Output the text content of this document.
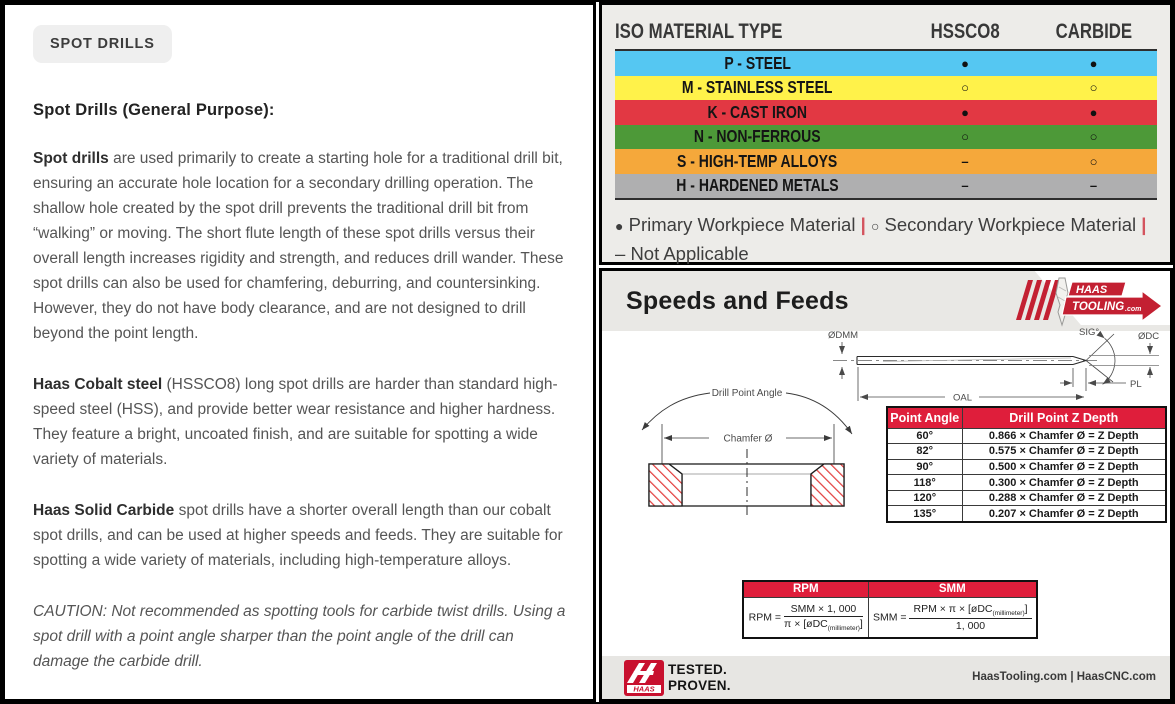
SPOT DRILLS
Spot Drills (General Purpose):
Spot drills are used primarily to create a starting hole for a traditional drill bit, ensuring an accurate hole location for a secondary drilling operation. The shallow hole created by the spot drill prevents the traditional drill bit from “walking” or moving. The short flute length of these spot drills versus their overall length increases rigidity and strength, and reduces drill wander. These spot drills can also be used for chamfering, deburring, and countersinking. However, they do not have body clearance, and are not designed to drill beyond the point length.
Haas Cobalt steel (HSSCO8) long spot drills are harder than standard high-speed steel (HSS), and provide better wear resistance and higher hardness. They feature a bright, uncoated finish, and are suitable for spotting a wide variety of materials.
Haas Solid Carbide spot drills have a shorter overall length than our cobalt spot drills, and can be used at higher speeds and feeds. They are suitable for spotting a wide variety of materials, including high-temperature alloys.
CAUTION: Not recommended as spotting tools for carbide twist drills. Using a spot drill with a point angle sharper than the point angle of the drill can damage the carbide drill.
ISO MATERIAL TYPE	HSSCO8	CARBIDE
P - STEEL	●	●
M - STAINLESS STEEL	○	○
K - CAST IRON	●	●
N - NON-FERROUS	○	○
S - HIGH-TEMP ALLOYS	–	○
H - HARDENED METALS	–	–
● Primary Workpiece Material | ○ Secondary Workpiece Material | – Not Applicable
Speeds and Feeds	HAAS
TOOLING .com
ØDMM	SIG°	ØDC
PL
OAL
Drill Point Angle
Chamfer Ø
Point Angle	Drill Point Z Depth
60°	0.866 × Chamfer Ø = Z Depth
82°	0.575 × Chamfer Ø = Z Depth
90°	0.500 × Chamfer Ø = Z Depth
118°	0.300 × Chamfer Ø = Z Depth
120°	0.288 × Chamfer Ø = Z Depth
135°	0.207 × Chamfer Ø = Z Depth
RPM	SMM
RPM = $\frac{\text{SMM × 1, 000}}{\pi \times [øDC_{(millimeter)}]}$	SMM = $\frac{RPM \times \pi \times [øDC_{(millimeter)}]}{1, 000}$
HAAS
TESTED.
PROVEN.
HaasTooling.com | HaasCNC.com
